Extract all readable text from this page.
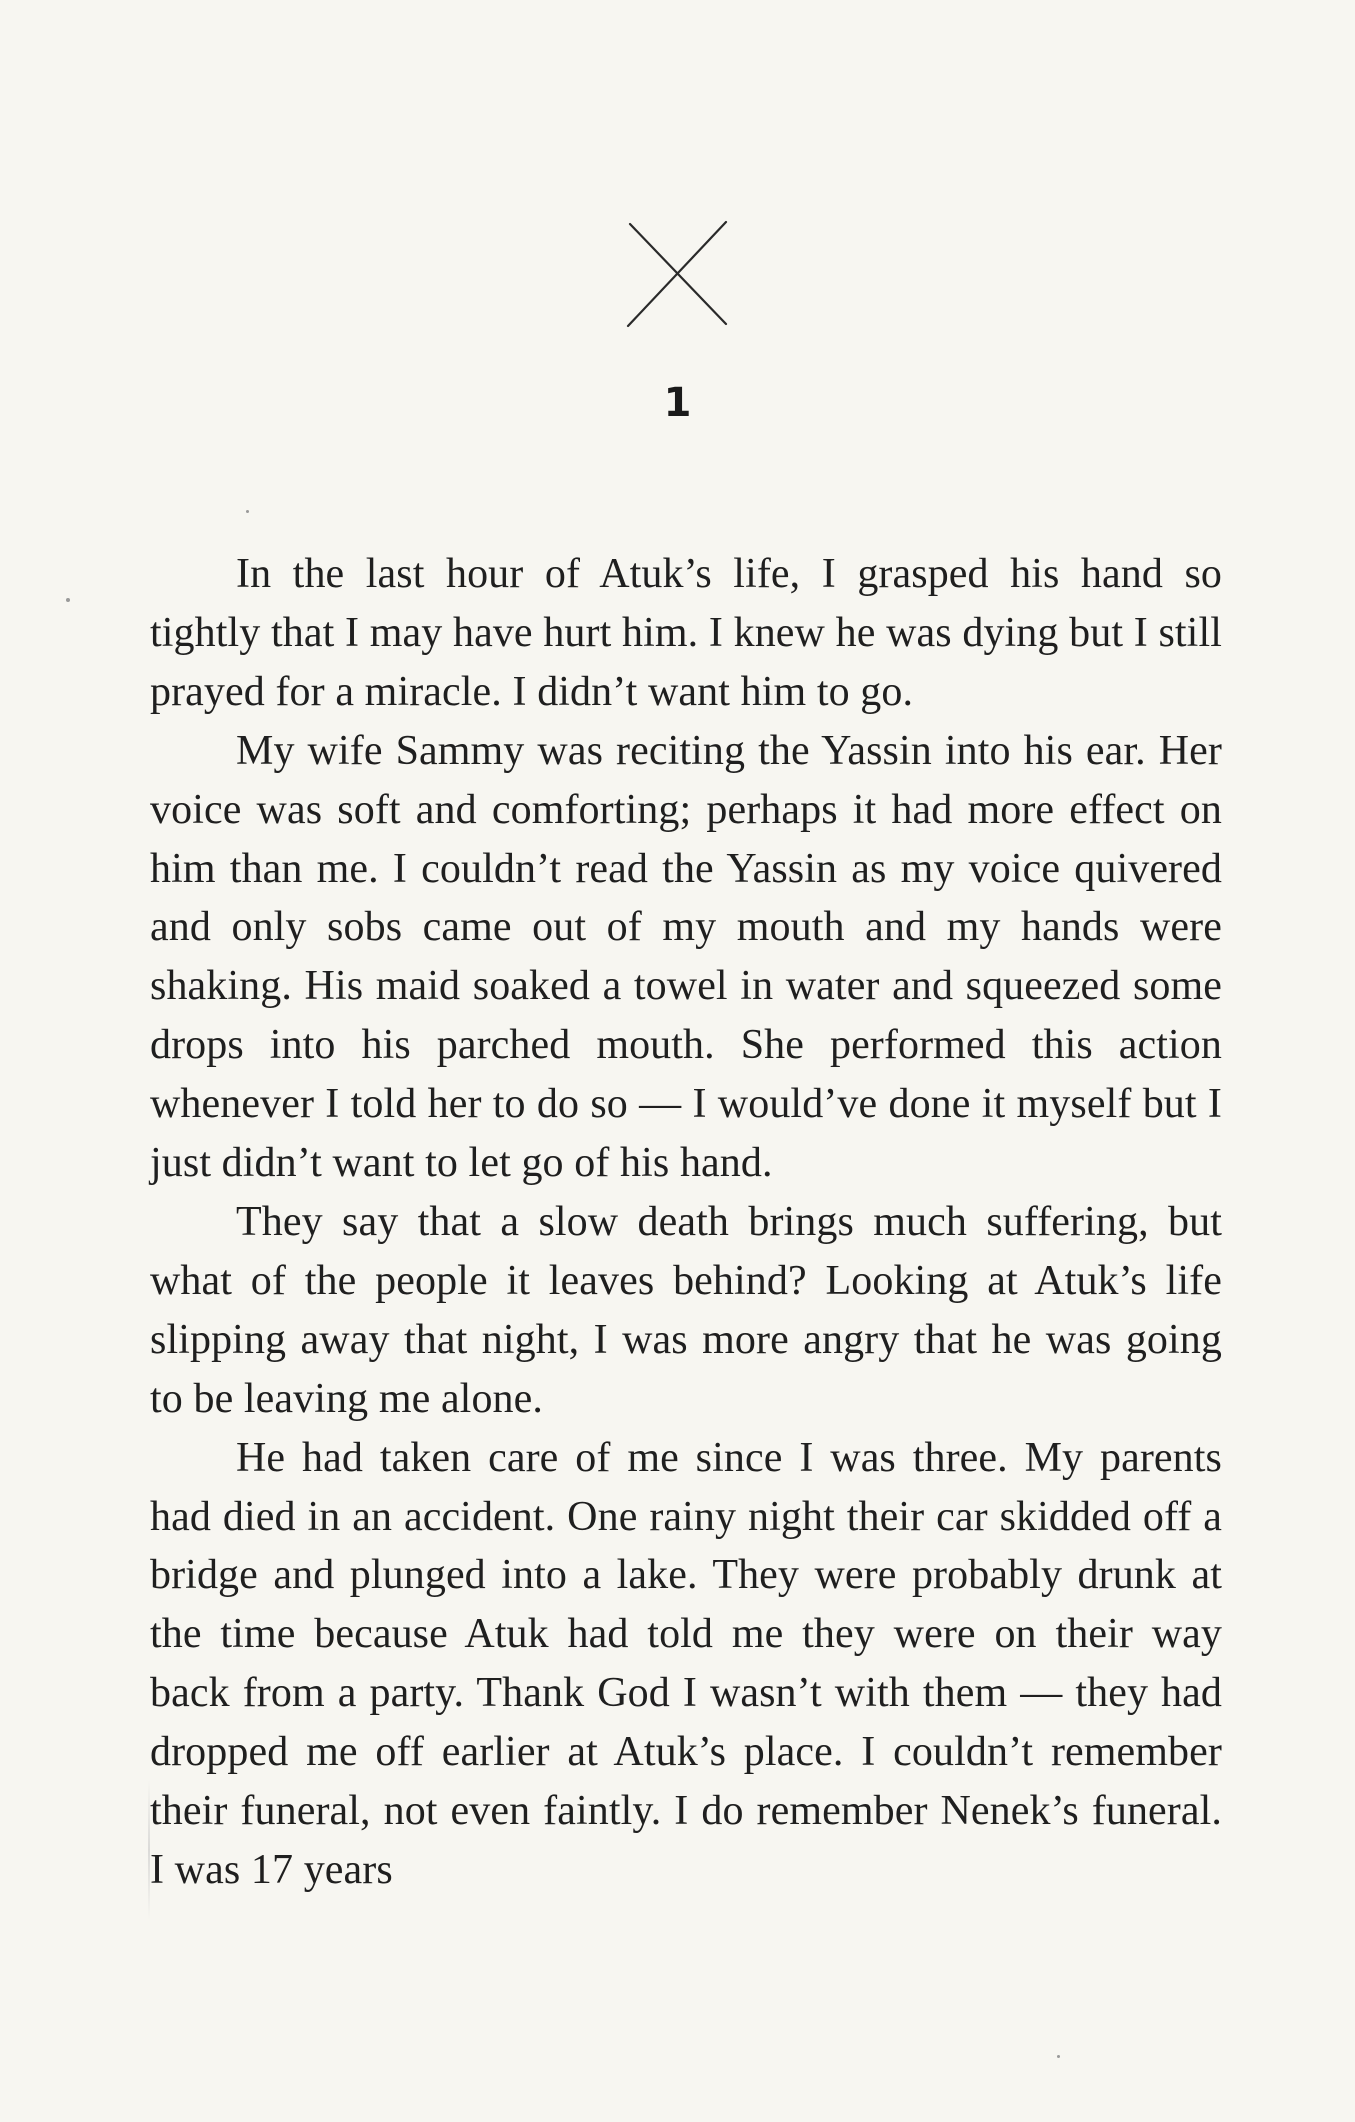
1

In the last hour of Atuk’s life, I grasped his hand so tightly that I may have hurt him. I knew he was dying but I still prayed for a miracle. I didn’t want him to go.

My wife Sammy was reciting the Yassin into his ear. Her voice was soft and comforting; perhaps it had more effect on him than me. I couldn’t read the Yassin as my voice quivered and only sobs came out of my mouth and my hands were shaking. His maid soaked a towel in water and squeezed some drops into his parched mouth. She performed this action whenever I told her to do so — I would’ve done it myself but I just didn’t want to let go of his hand.

They say that a slow death brings much suffering, but what of the people it leaves behind? Looking at Atuk’s life slipping away that night, I was more angry that he was going to be leaving me alone.

He had taken care of me since I was three. My parents had died in an accident. One rainy night their car skidded off a bridge and plunged into a lake. They were probably drunk at the time because Atuk had told me they were on their way back from a party. Thank God I wasn’t with them — they had dropped me off earlier at Atuk’s place. I couldn’t remember their funeral, not even faintly. I do remember Nenek’s funeral. I was 17 years
